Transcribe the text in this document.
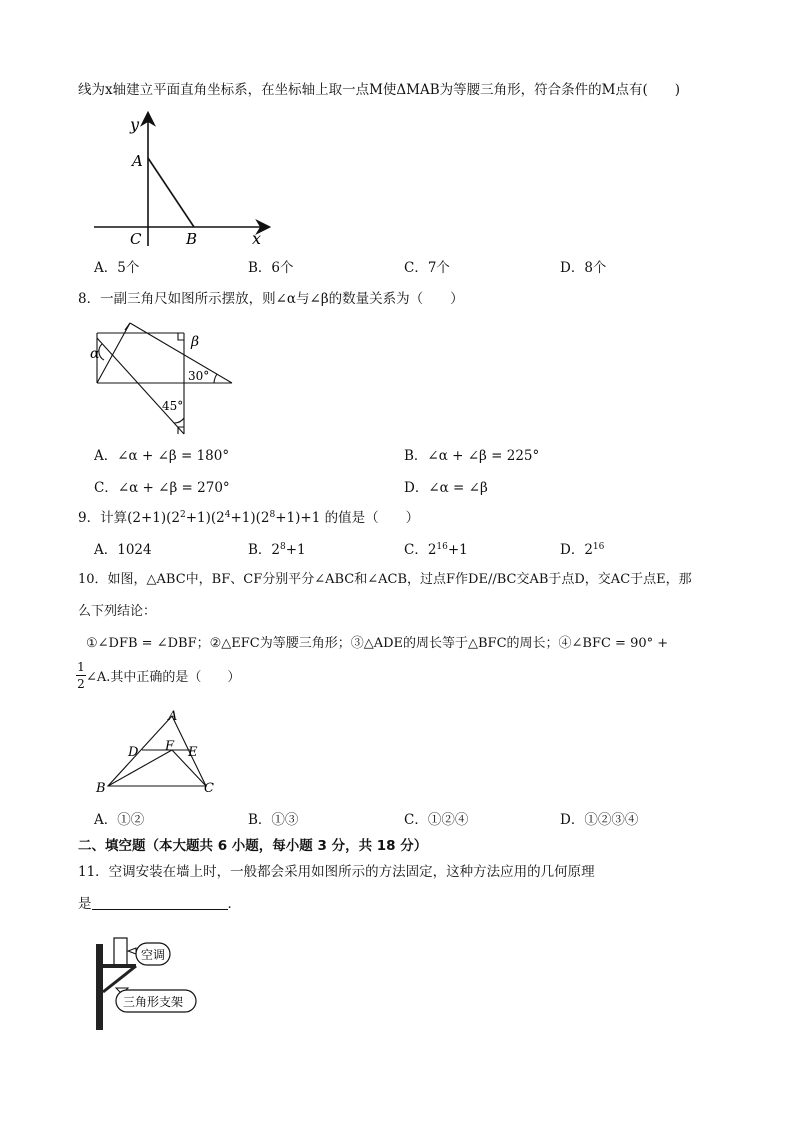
线为x轴建立平面直角坐标系，在坐标轴上取一点M使ΔMAB为等腰三角形，符合条件的M点有(　　)
y
A
B
C	x
A．5个	B．6个	C．7个	D．8个
8．一副三角尺如图所示摆放，则∠α与∠β的数量关系为（　　）
α
β
30°
45°
A．∠α + ∠β = 180°	B．∠α + ∠β = 225°
C．∠α + ∠β = 270°	D．∠α = ∠β
9．计算$(2+1)(2^2+1)(2^4+1)(2^8+1)+1$ 的值是（　　）
A．1024	B．$2^8+1$	C．$2^{16}+1$	D．$2^{16}$
10．如图，△ABC中，BF、CF分别平分∠ABC和∠ACB，过点F作DE//BC交AB于点D，交AC于点E，那
么下列结论：
①∠DFB = ∠DBF；②△EFC为等腰三角形；③△ADE的周长等于△BFC的周长；④∠BFC = 90° +
1
2 ∠A.其中正确的是（　　）
A
D F E
B	C
A．①②	B．①③	C．①②④	D．①②③④
二、填空题（本大题共 6 小题，每小题 3 分，共 18 分）
11．空调安装在墙上时，一般都会采用如图所示的方法固定，这种方法应用的几何原理
是	．
空调
三角形支架
